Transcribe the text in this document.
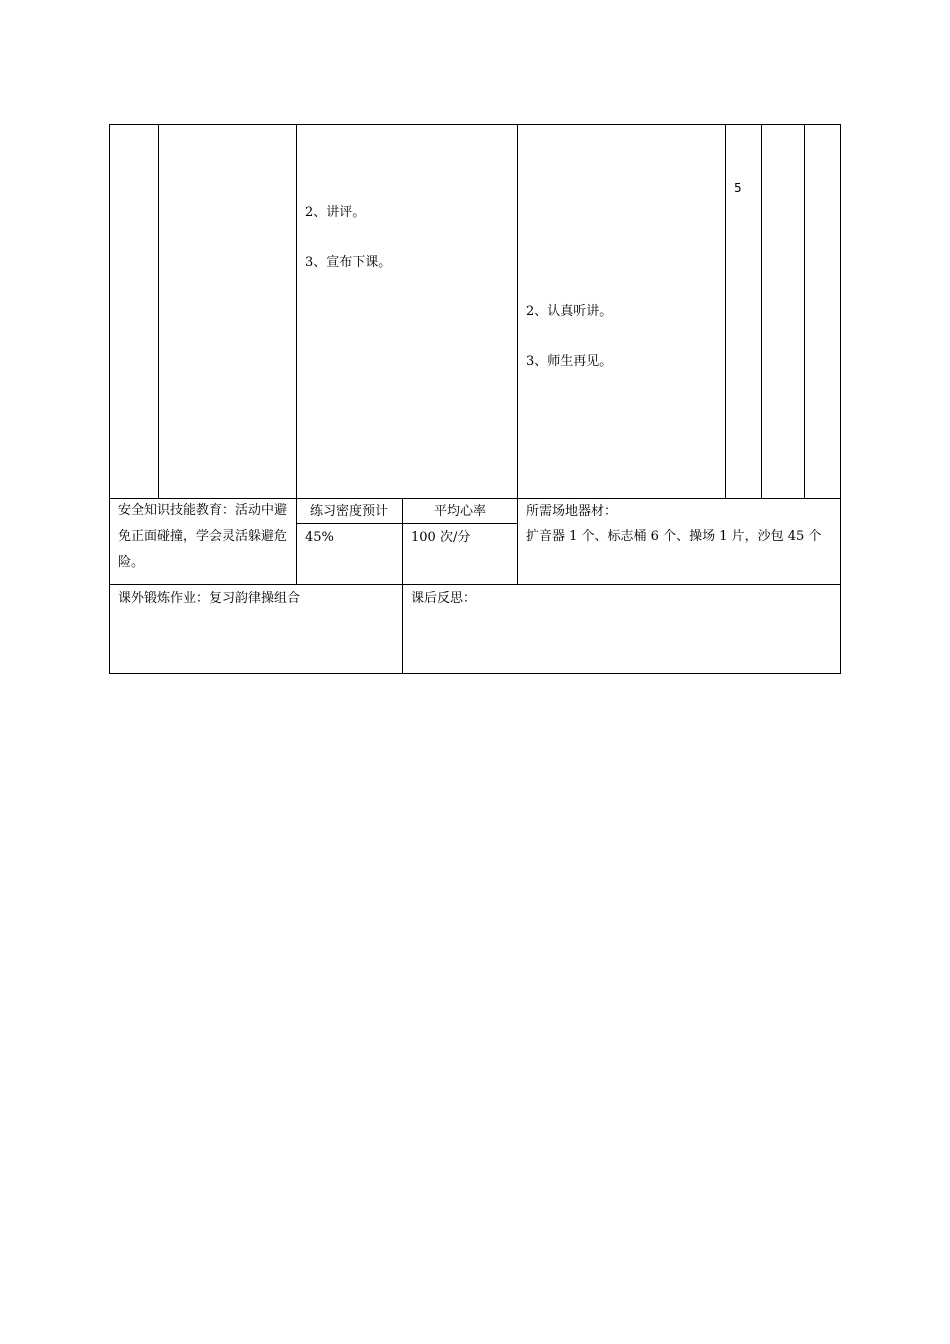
2、讲评。
3、宣布下课。
2、认真听讲。
3、师生再见。
5
安全知识技能教育：活动中避免正面碰撞，学会灵活躲避危险。
练习密度预计
45%
平均心率
100 次/分
所需场地器材：
扩音器 1 个、标志桶 6 个、操场 1 片，沙包 45 个
课外锻炼作业：复习韵律操组合	课后反思：
